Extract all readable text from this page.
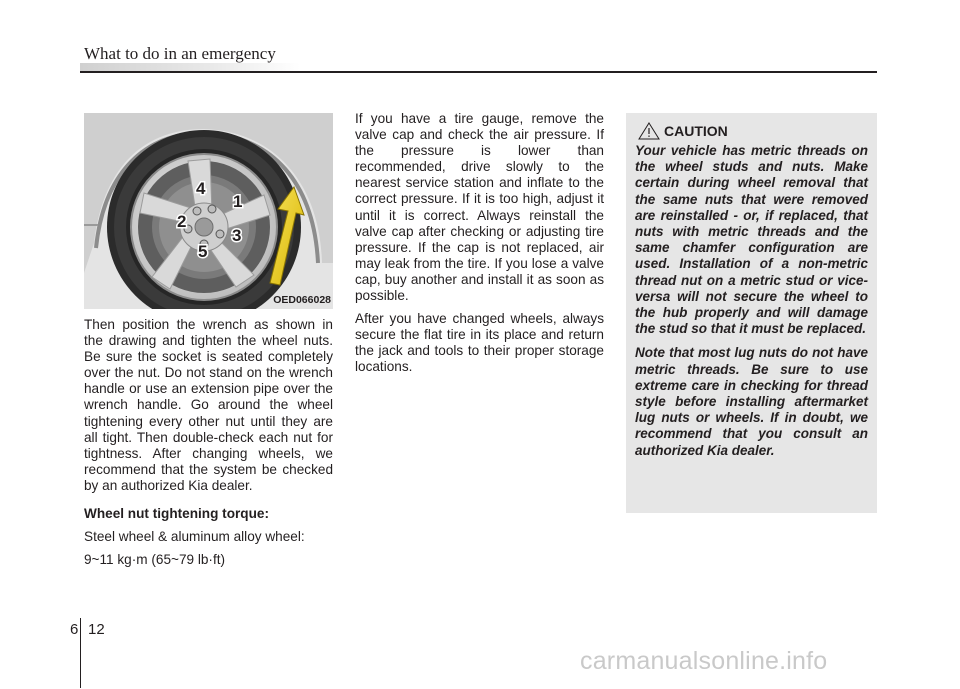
What to do in an emergency
1
2
3
4
5
OED066028

Then position the wrench as shown in the drawing and tighten the wheel nuts. Be sure the socket is seated completely over the nut. Do not stand on the wrench handle or use an extension pipe over the wrench handle. Go around the wheel tightening every other nut until they are all tight. Then double-check each nut for tightness. After changing wheels, we recommend that the system be checked by an authorized Kia dealer.

Wheel nut tightening torque:

Steel wheel & aluminum alloy wheel:

9~11 kg·m (65~79 lb·ft)

If you have a tire gauge, remove the valve cap and check the air pressure. If the pressure is lower than recommended, drive slowly to the nearest service station and inflate to the correct pressure. If it is too high, adjust it until it is correct. Always reinstall the valve cap after checking or adjusting tire pressure. If the cap is not replaced, air may leak from the tire. If you lose a valve cap, buy another and install it as soon as possible.

After you have changed wheels, always secure the flat tire in its place and return the jack and tools to their proper storage locations.

CAUTION

Your vehicle has metric threads on the wheel studs and nuts. Make certain during wheel removal that the same nuts that were removed are reinstalled - or, if replaced, that nuts with metric threads and the same chamfer configuration are used. Installation of a non-metric thread nut on a metric stud or vice-versa will not secure the wheel to the hub properly and will damage the stud so that it must be replaced.

Note that most lug nuts do not have metric threads. Be sure to use extreme care in checking for thread style before installing aftermarket lug nuts or wheels. If in doubt, we recommend that you consult an authorized Kia dealer.

6 12
carmanualsonline.info
